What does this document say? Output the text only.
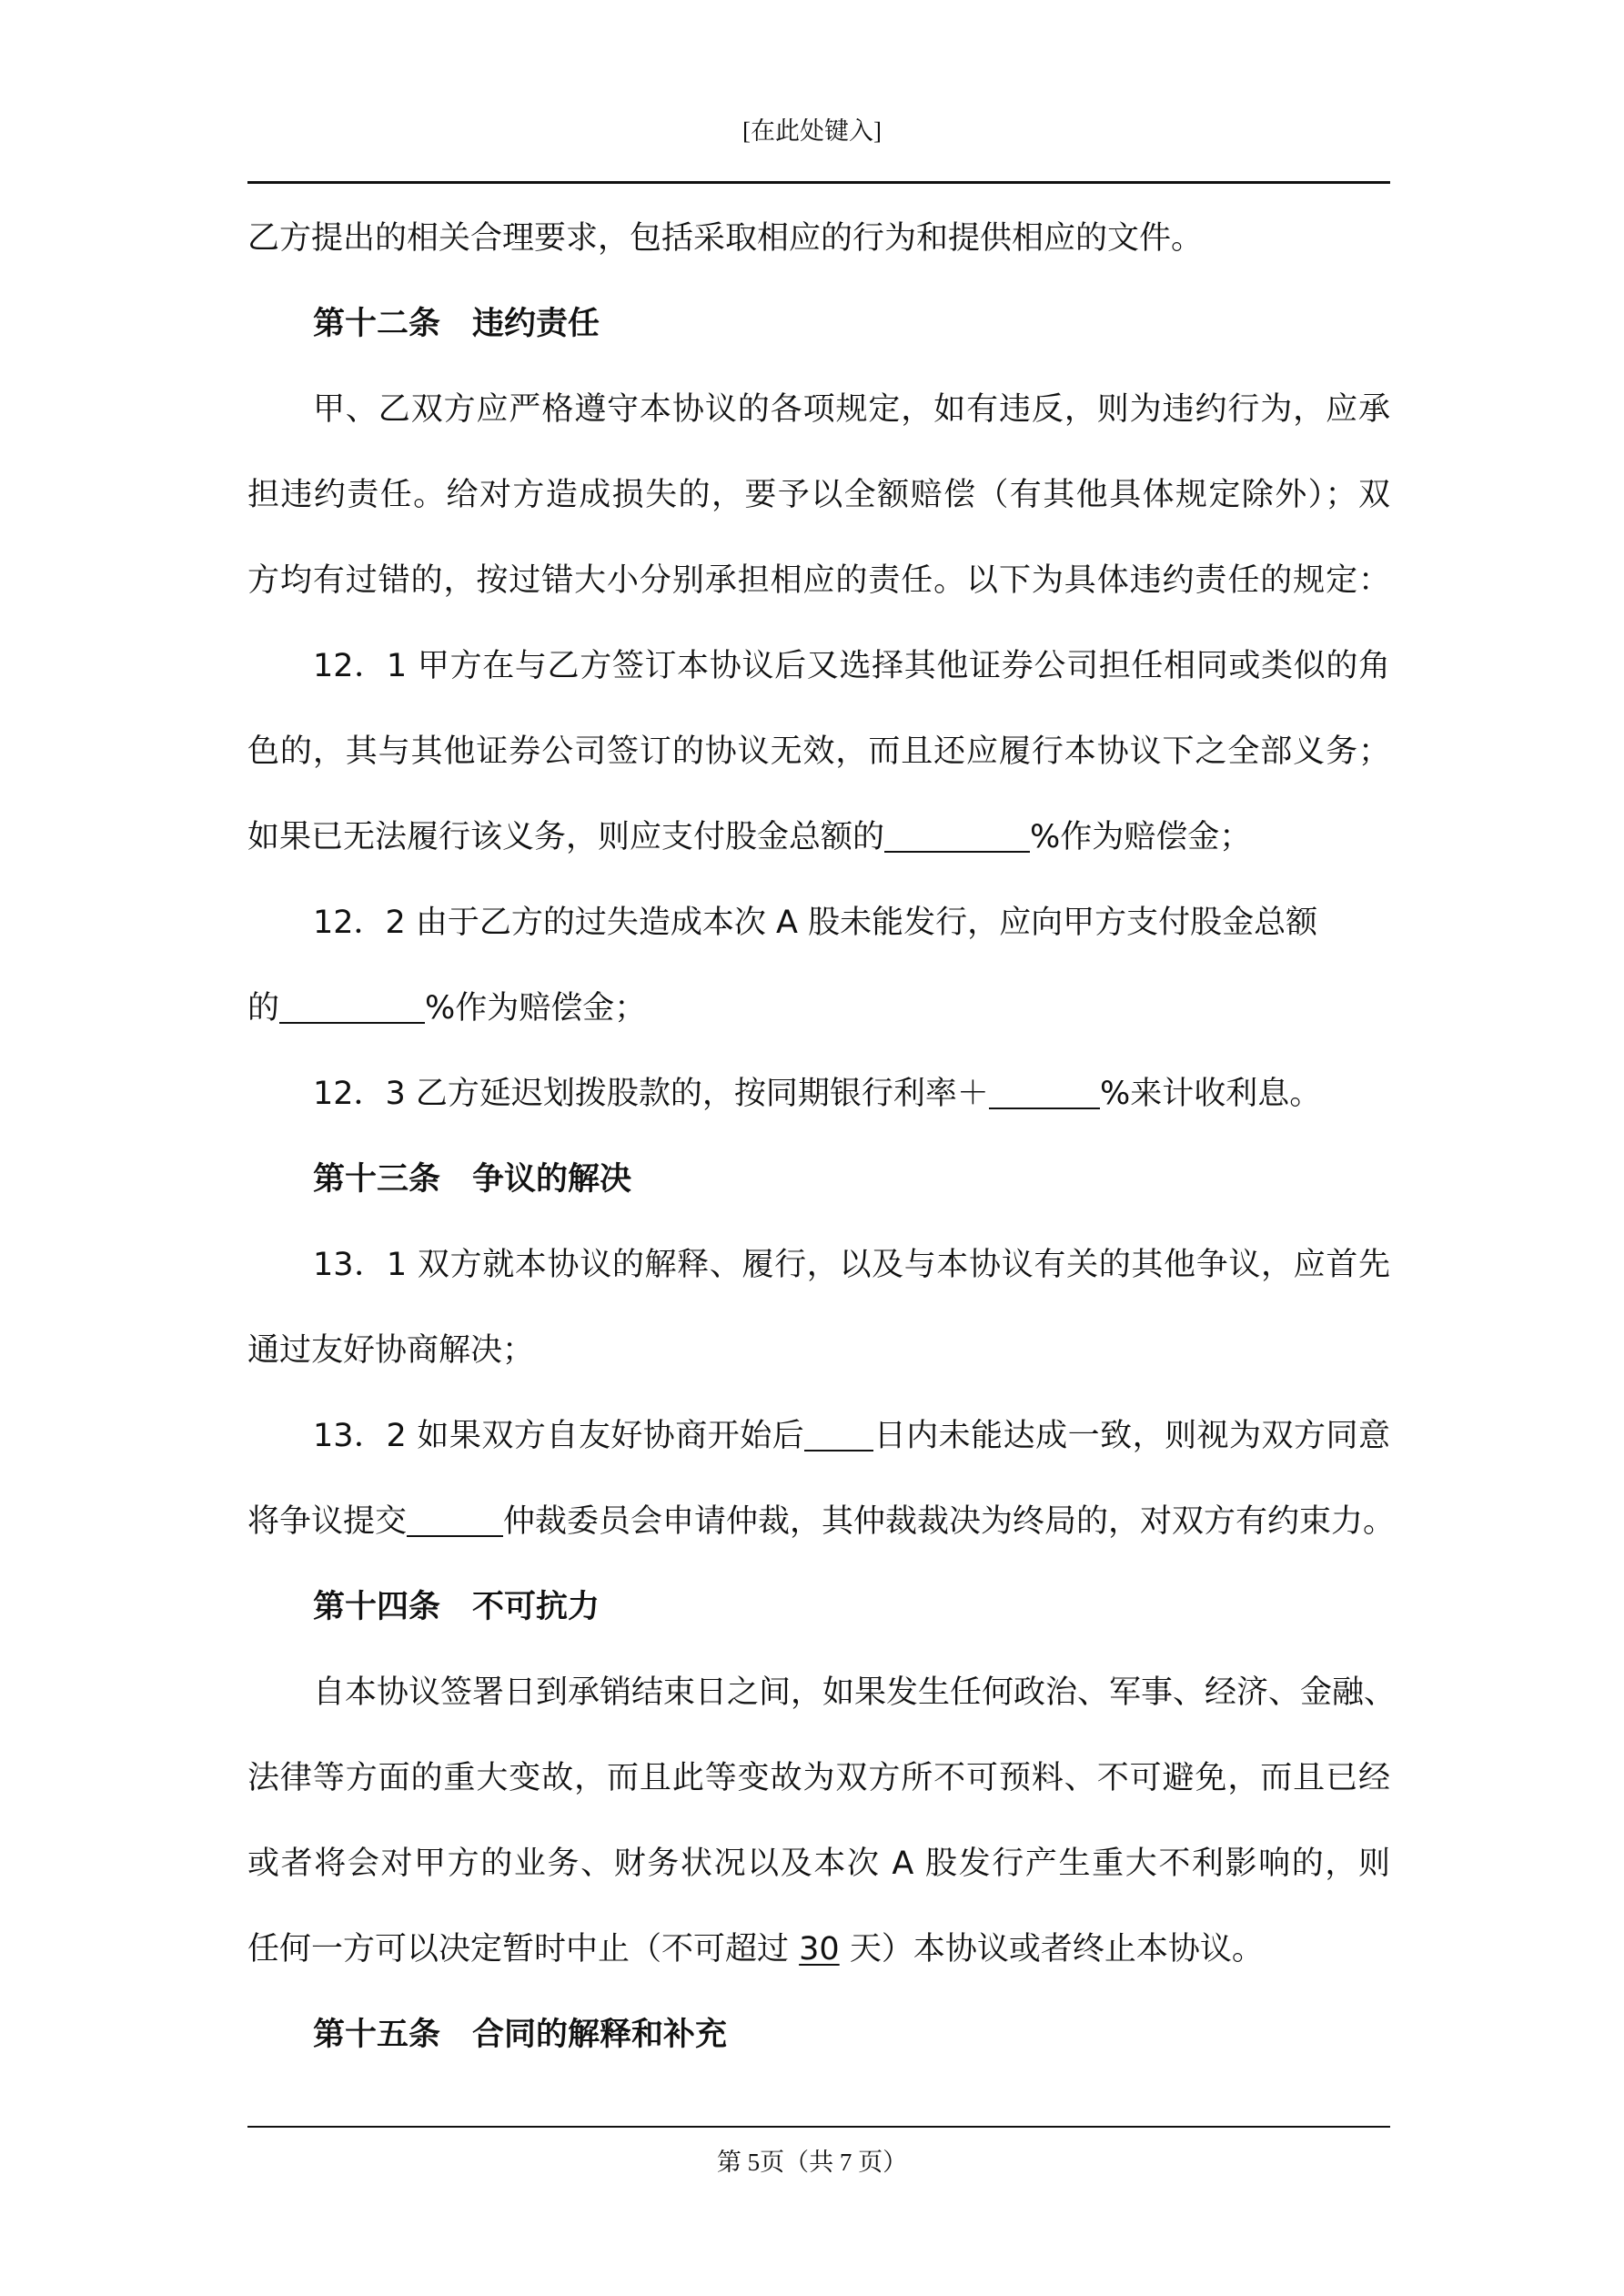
[在此处键入]
乙方提出的相关合理要求，包括采取相应的行为和提供相应的文件。
第十二条　违约责任
甲、乙双方应严格遵守本协议的各项规定，如有违反，则为违约行为，应承
担违约责任。给对方造成损失的，要予以全额赔偿（有其他具体规定除外）；双
方均有过错的，按过错大小分别承担相应的责任。以下为具体违约责任的规定：
12．1 甲方在与乙方签订本协议后又选择其他证券公司担任相同或类似的角
色的，其与其他证券公司签订的协议无效，而且还应履行本协议下之全部义务；
如果已无法履行该义务，则应支付股金总额的	%作为赔偿金；
12．2 由于乙方的过失造成本次 A 股未能发行，应向甲方支付股金总额
的	%作为赔偿金；
12．3 乙方延迟划拨股款的，按同期银行利率＋	%来计收利息。
第十三条　争议的解决
13．1 双方就本协议的解释、履行，以及与本协议有关的其他争议，应首先
通过友好协商解决；
13．2 如果双方自友好协商开始后 日内未能达成一致，则视为双方同意
将争议提交	仲裁委员会申请仲裁，其仲裁裁决为终局的，对双方有约束力。
第十四条　不可抗力
自本协议签署日到承销结束日之间，如果发生任何政治、军事、经济、金融、
法律等方面的重大变故，而且此等变故为双方所不可预料、不可避免，而且已经
或者将会对甲方的业务、财务状况以及本次 A 股发行产生重大不利影响的，则
任何一方可以决定暂时中止（不可超过 30 天）本协议或者终止本协议。
第十五条　合同的解释和补充
第 5页（共 7 页）
